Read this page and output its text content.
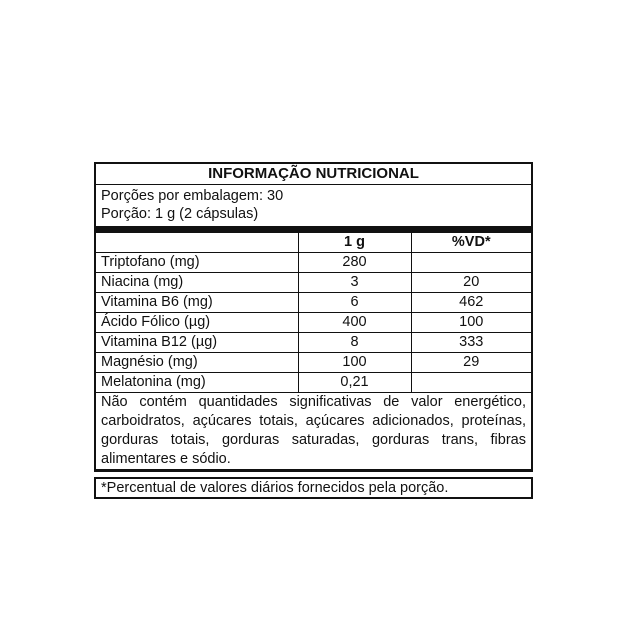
INFORMAÇÃO NUTRICIONAL
Porções por embalagem: 30
Porção: 1 g (2 cápsulas)
	1 g	%VD*
Triptofano (mg)	280	
Niacina (mg)	3	20
Vitamina B6 (mg)	6	462
Ácido Fólico (µg)	400	100
Vitamina B12 (µg)	8	333
Magnésio (mg)	100	29
Melatonina (mg)	0,21	
Não contém quantidades significativas de valor energético, carboidratos, açúcares totais, açúcares adicionados, proteínas, gorduras totais, gorduras saturadas, gorduras trans, fibras alimentares e sódio.		
*Percentual de valores diários fornecidos pela porção.
